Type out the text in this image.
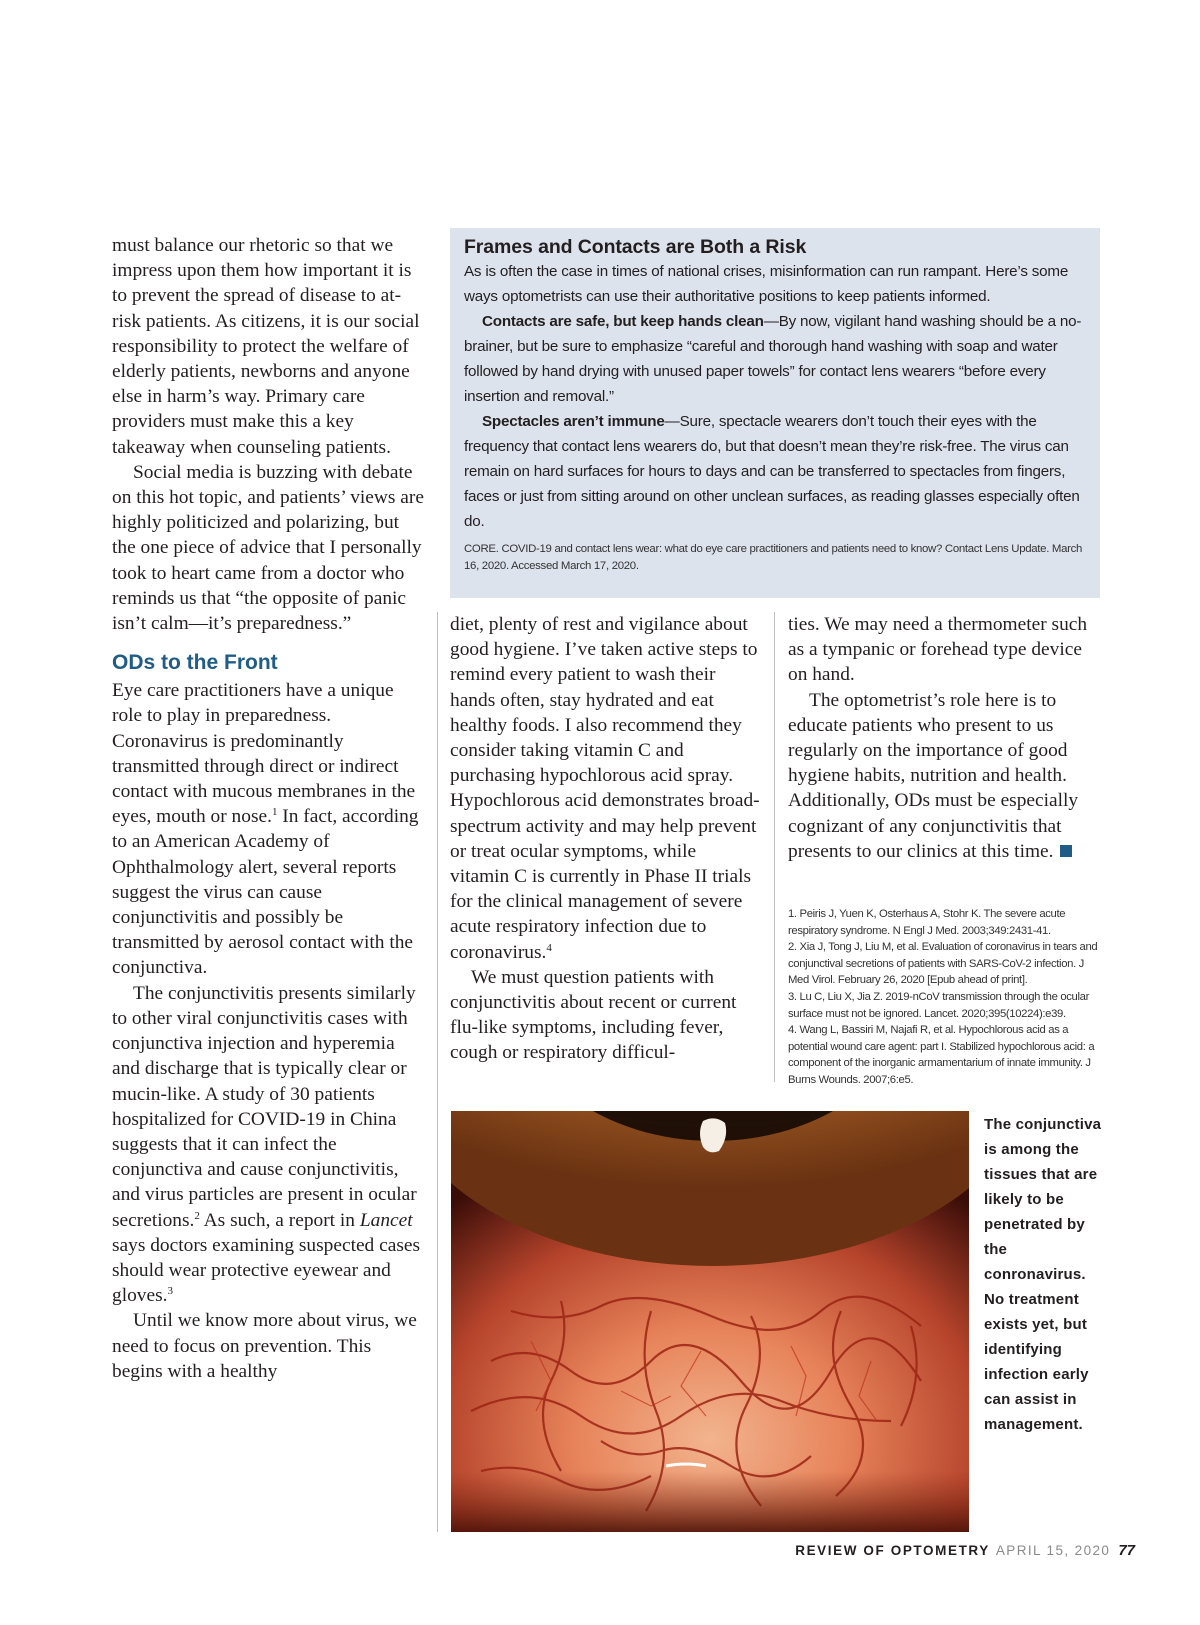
must balance our rhetoric so that we impress upon them how important it is to prevent the spread of disease to at-risk patients. As citizens, it is our social responsibility to protect the welfare of elderly patients, newborns and anyone else in harm’s way. Primary care providers must make this a key takeaway when counseling patients.

Social media is buzzing with debate on this hot topic, and patients’ views are highly politicized and polarizing, but the one piece of advice that I personally took to heart came from a doctor who reminds us that “the opposite of panic isn’t calm—it’s preparedness.”

ODs to the Front

Eye care practitioners have a unique role to play in preparedness. Coronavirus is predominantly transmitted through direct or indirect contact with mucous membranes in the eyes, mouth or nose.$^1$ In fact, according to an American Academy of Ophthalmology alert, several reports suggest the virus can cause conjunctivitis and possibly be transmitted by aerosol contact with the conjunctiva.

The conjunctivitis presents similarly to other viral conjunctivitis cases with conjunctiva injection and hyperemia and discharge that is typically clear or mucin-like. A study of 30 patients hospitalized for COVID-19 in China suggests that it can infect the conjunctiva and cause conjunctivitis, and virus particles are present in ocular secretions.$^2$ As such, a report in Lancet says doctors examining suspected cases should wear protective eyewear and gloves.$^3$

Until we know more about virus, we need to focus on prevention. This begins with a healthy

Frames and Contacts are Both a Risk

As is often the case in times of national crises, misinformation can run rampant. Here’s some ways optometrists can use their authoritative positions to keep patients informed.

Contacts are safe, but keep hands clean—By now, vigilant hand washing should be a no-brainer, but be sure to emphasize “careful and thorough hand washing with soap and water followed by hand drying with unused paper towels” for contact lens wearers “before every insertion and removal.”

Spectacles aren’t immune—Sure, spectacle wearers don’t touch their eyes with the frequency that contact lens wearers do, but that doesn’t mean they’re risk-free. The virus can remain on hard surfaces for hours to days and can be transferred to spectacles from fingers, faces or just from sitting around on other unclean surfaces, as reading glasses especially often do.

CORE. COVID-19 and contact lens wear: what do eye care practitioners and patients need to know? Contact Lens Update. March 16, 2020. Accessed March 17, 2020.

diet, plenty of rest and vigilance about good hygiene. I’ve taken active steps to remind every patient to wash their hands often, stay hydrated and eat healthy foods. I also recommend they consider taking vitamin C and purchasing hypochlorous acid spray. Hypochlorous acid demonstrates broad-spectrum activity and may help prevent or treat ocular symptoms, while vitamin C is currently in Phase II trials for the clinical management of severe acute respiratory infection due to coronavirus.$^4$

We must question patients with conjunctivitis about recent or current flu-like symptoms, including fever, cough or respiratory difficul-

ties. We may need a thermometer such as a tympanic or forehead type device on hand.

The optometrist’s role here is to educate patients who present to us regularly on the importance of good hygiene habits, nutrition and health. Additionally, ODs must be especially cognizant of any conjunctivitis that presents to our clinics at this time.

1. Peiris J, Yuen K, Osterhaus A, Stohr K. The severe acute respiratory syndrome. N Engl J Med. 2003;349:2431-41.
2. Xia J, Tong J, Liu M, et al. Evaluation of coronavirus in tears and conjunctival secretions of patients with SARS-CoV-2 infection. J Med Virol. February 26, 2020 [Epub ahead of print].
3. Lu C, Liu X, Jia Z. 2019-nCoV transmission through the ocular surface must not be ignored. Lancet. 2020;395(10224):e39.
4. Wang L, Bassiri M, Najafi R, et al. Hypochlorous acid as a potential wound care agent: part I. Stabilized hypochlorous acid: a component of the inorganic armamentarium of innate immunity. J Burns Wounds. 2007;6:e5.
The conjunctiva is among the tissues that are likely to be penetrated by the conronavirus. No treatment exists yet, but identifying infection early can assist in management.
REVIEW OF OPTOMETRY APRIL 15, 2020 77
